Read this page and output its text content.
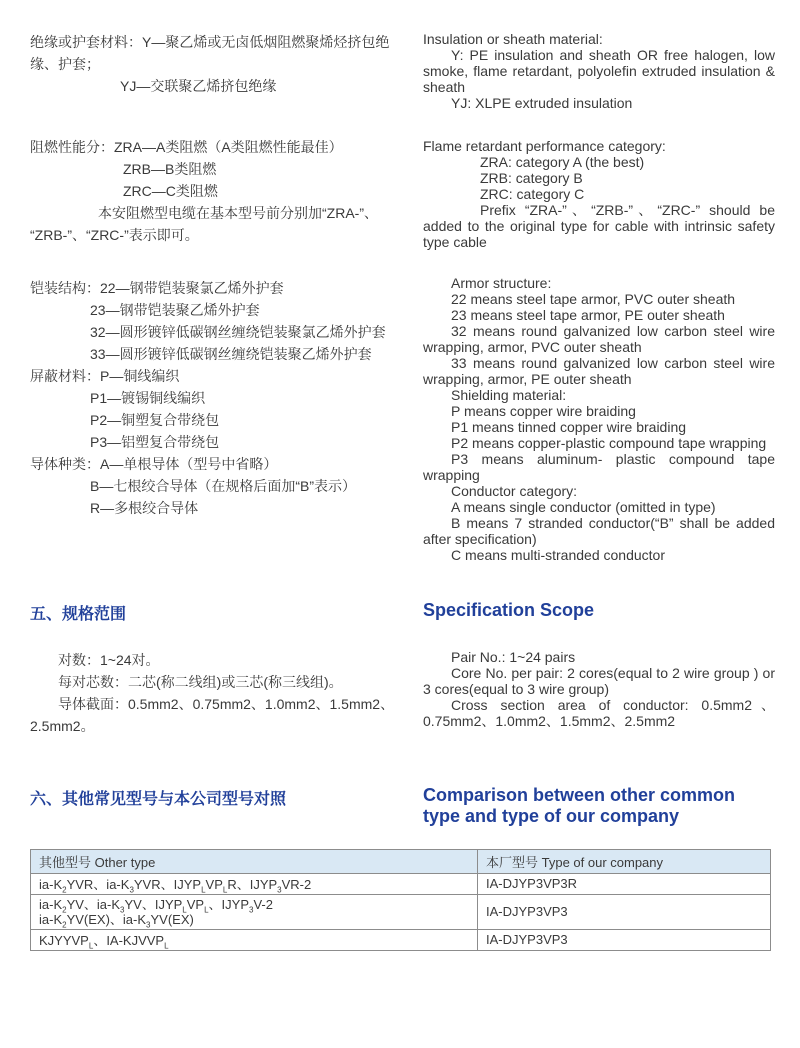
绝缘或护套材料：Y—聚乙烯或无卤低烟阻燃聚烯烃挤包绝
缘、护套；
YJ—交联聚乙烯挤包绝缘
阻燃性能分：ZRA—A类阻燃（A类阻燃性能最佳）
ZRB—B类阻燃
ZRC—C类阻燃
本安阻燃型电缆在基本型号前分别加“ZRA-”、
“ZRB-”、“ZRC-”表示即可。
铠装结构：22—钢带铠装聚氯乙烯外护套
23—钢带铠装聚乙烯外护套
32—圆形镀锌低碳钢丝缠绕铠装聚氯乙烯外护套
33—圆形镀锌低碳钢丝缠绕铠装聚乙烯外护套
屏蔽材料：P—铜线编织
P1—镀锡铜线编织
P2—铜塑复合带绕包
P3—铝塑复合带绕包
导体种类：A—单根导体（型号中省略）
B—七根绞合导体（在规格后面加“B”表示）
R—多根绞合导体
五、规格范围
对数：1~24对。
每对芯数：二芯(称二线组)或三芯(称三线组)。
导体截面：0.5mm2、0.75mm2、1.0mm2、1.5mm2、
2.5mm2。
六、其他常见型号与本公司型号对照

Insulation or sheath material:

Y: PE insulation and sheath OR free halogen, low smoke, flame retardant, polyolefin extruded insulation & sheath

YJ: XLPE extruded insulation

Flame retardant performance category:

ZRA: category A (the best)

ZRB: category B

ZRC: category C

Prefix “ZRA-”、“ZRB-”、“ZRC-” should be added to the original type for cable with intrinsic safety type cable

Armor structure:

22 means steel tape armor, PVC outer sheath

23 means steel tape armor, PE outer sheath

32 means round galvanized low carbon steel wire wrapping, armor, PVC outer sheath

33 means round galvanized low carbon steel wire wrapping, armor, PE outer sheath

Shielding material:

P means copper wire braiding

P1 means tinned copper wire braiding

P2 means copper-plastic compound tape wrapping

P3 means aluminum- plastic compound tape wrapping

Conductor category:

A means single conductor (omitted in type)

B means 7 stranded conductor(“B” shall be added after specification)

C means multi-stranded conductor

Specification Scope

Pair No.: 1~24 pairs

Core No. per pair: 2 cores(equal to 2 wire group ) or 3 cores(equal to 3 wire group)

Cross section area of conductor: 0.5mm2、0.75mm2、1.0mm2、1.5mm2、2.5mm2

Comparison between other common type and type of our company
其他型号 Other type	本厂型号 Type of our company

$ia-K_2YVR$、$ia-K_3YVR$、$IJYP_LVP_LR$、$IJYP_3VR-2$	IA-DJYP3VP3R

$ia-K_2YV$、$ia-K_3YV$、$IJYP_LVP_L$、$IJYP_3V-2$
$ia-K_2YV(EX)$、$ia-K_3YV(EX)$	IA-DJYP3VP3

$KJYYVP_L$、$IA-KJVVP_L$	IA-DJYP3VP3
